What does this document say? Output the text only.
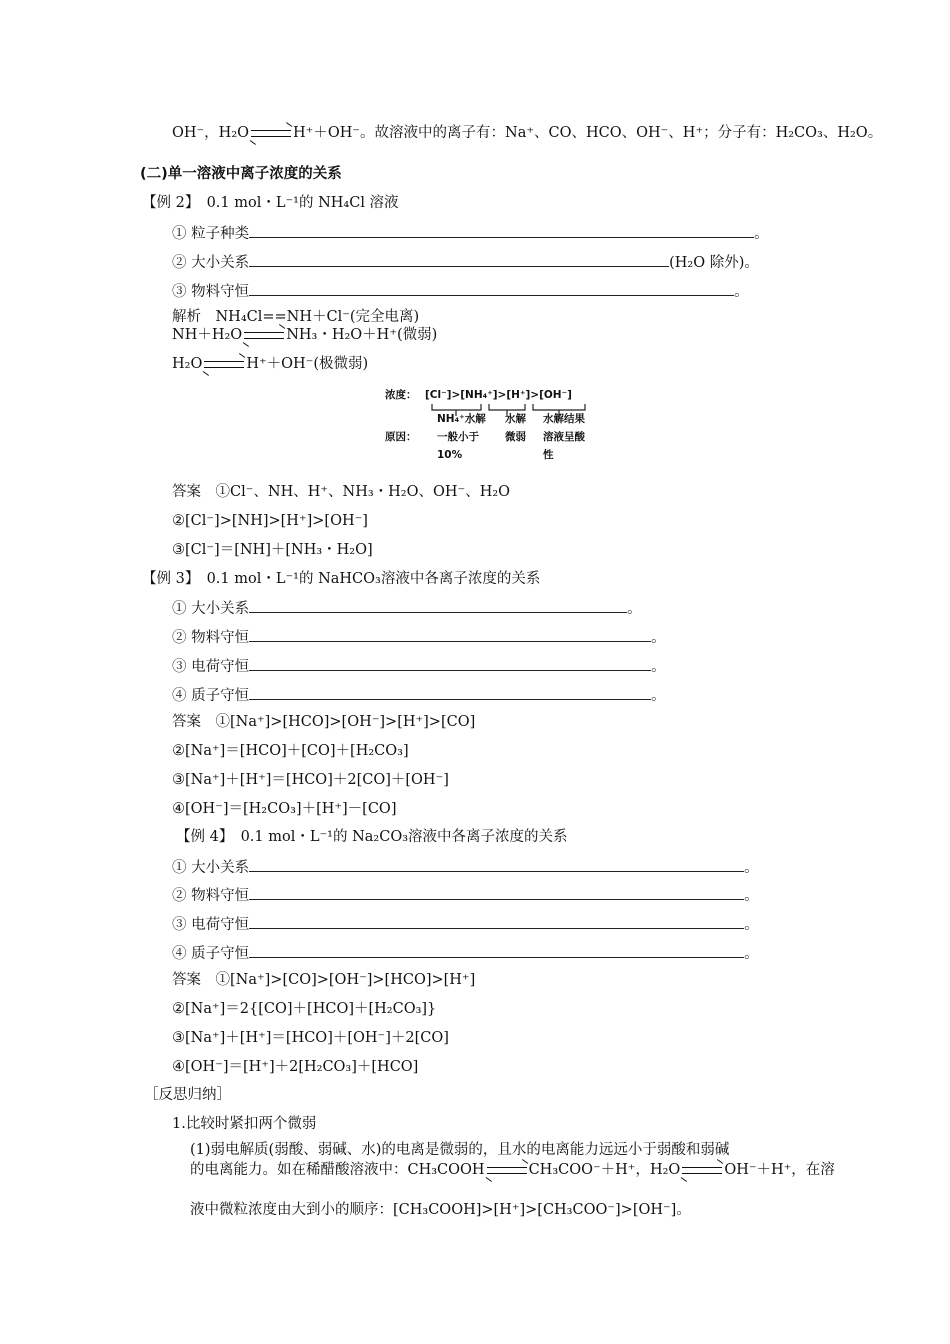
OH⁻，H₂O	H⁺＋OH⁻。故溶液中的离子有：Na⁺、CO、HCO、OH⁻、H⁺；分子有：H₂CO₃、H₂O。
(二)单一溶液中离子浓度的关系
【例 2】　0.1 mol・L⁻¹的 NH₄Cl 溶液
① 粒子种类	。
② 大小关系	(H₂O 除外)。
③ 物料守恒	。
解析　NH₄Cl==NH＋Cl⁻(完全电离)
NH＋H₂O	NH₃・H₂O＋H⁺(微弱)
H₂O	H⁺＋OH⁻(极微弱)
浓度： [Cl⁻]>[NH₄⁺]>[H⁺]>[OH⁻]
原因：
NH₄⁺水解
一般小于
10%
水解
微弱
水解结果
溶液呈酸
性
答案　①Cl⁻、NH、H⁺、NH₃・H₂O、OH⁻、H₂O
②[Cl⁻]>[NH]>[H⁺]>[OH⁻]
③[Cl⁻]＝[NH]＋[NH₃・H₂O]
【例 3】　0.1 mol・L⁻¹的 NaHCO₃溶液中各离子浓度的关系
① 大小关系	。
② 物料守恒	。
③ 电荷守恒	。
④ 质子守恒	。
答案　①[Na⁺]>[HCO]>[OH⁻]>[H⁺]>[CO]
②[Na⁺]＝[HCO]＋[CO]＋[H₂CO₃]
③[Na⁺]＋[H⁺]＝[HCO]＋2[CO]＋[OH⁻]
④[OH⁻]＝[H₂CO₃]＋[H⁺]－[CO]
【例 4】　0.1 mol・L⁻¹的 Na₂CO₃溶液中各离子浓度的关系
① 大小关系	。
② 物料守恒	。
③ 电荷守恒	。
④ 质子守恒	。
答案　①[Na⁺]>[CO]>[OH⁻]>[HCO]>[H⁺]
②[Na⁺]＝2{[CO]＋[HCO]＋[H₂CO₃]}
③[Na⁺]＋[H⁺]＝[HCO]＋[OH⁻]＋2[CO]
④[OH⁻]＝[H⁺]＋2[H₂CO₃]＋[HCO]
［反思归纳］
1.比较时紧扣两个微弱
(1)弱电解质(弱酸、弱碱、水)的电离是微弱的，且水的电离能力远远小于弱酸和弱碱
的电离能力。如在稀醋酸溶液中：CH₃COOH	CH₃COO⁻＋H⁺，H₂O	OH⁻＋H⁺，在溶
液中微粒浓度由大到小的顺序：[CH₃COOH]>[H⁺]>[CH₃COO⁻]>[OH⁻]。
